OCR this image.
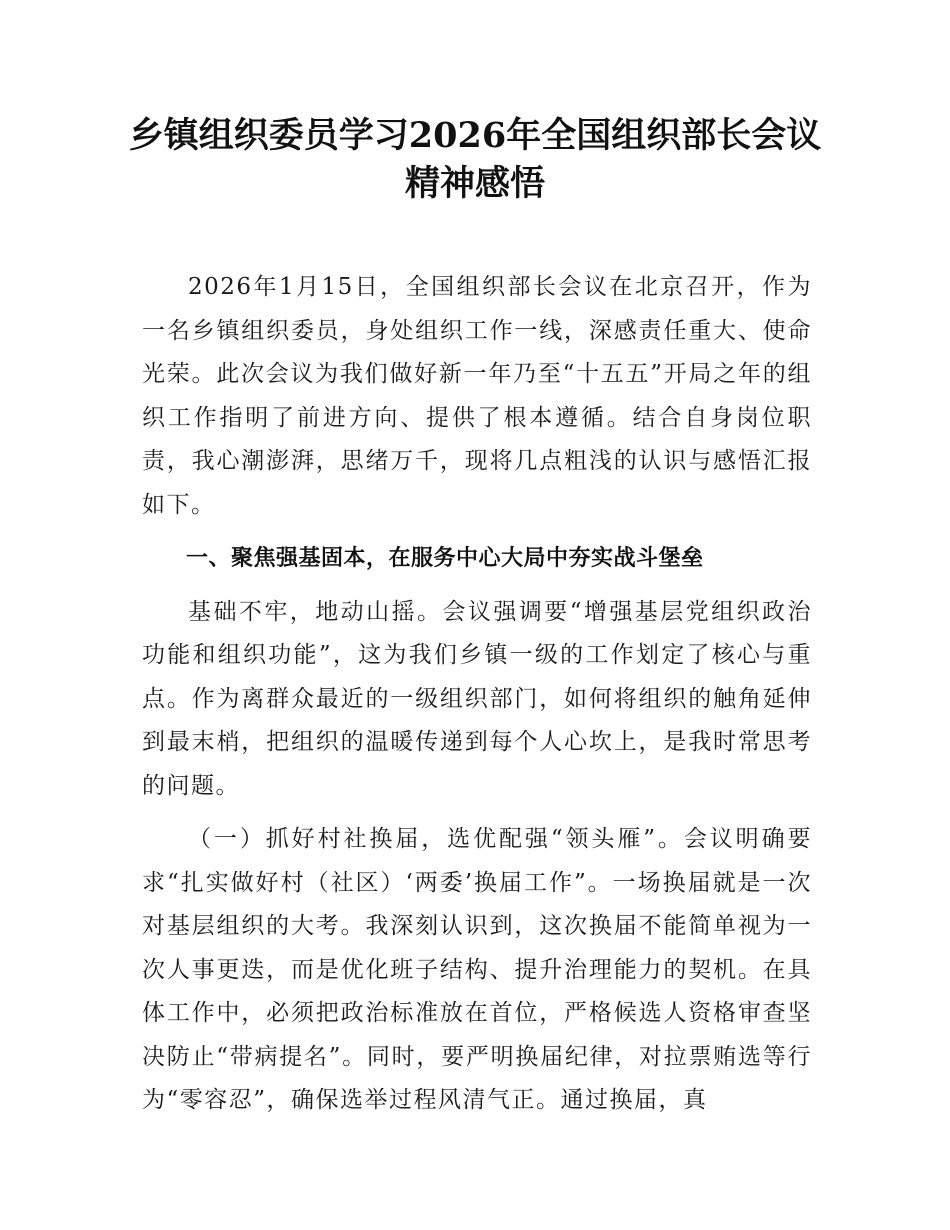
乡镇组织委员学习2026年全国组织部长会议
精神感悟

2026年1月15日，全国组织部长会议在北京召开，作为一名乡镇组织委员，身处组织工作一线，深感责任重大、使命光荣。此次会议为我们做好新一年乃至“十五五”开局之年的组织工作指明了前进方向、提供了根本遵循。结合自身岗位职责，我心潮澎湃，思绪万千，现将几点粗浅的认识与感悟汇报如下。

一、聚焦强基固本，在服务中心大局中夯实战斗堡垒

基础不牢，地动山摇。会议强调要“增强基层党组织政治功能和组织功能”，这为我们乡镇一级的工作划定了核心与重点。作为离群众最近的一级组织部门，如何将组织的触角延伸到最末梢，把组织的温暖传递到每个人心坎上，是我时常思考的问题。

（一）抓好村社换届，选优配强“领头雁”。会议明确要求“扎实做好村（社区）‘两委’换届工作”。一场换届就是一次对基层组织的大考。我深刻认识到，这次换届不能简单视为一次人事更迭，而是优化班子结构、提升治理能力的契机。在具体工作中，必须把政治标准放在首位，严格候选人资格审查坚决防止“带病提名”。同时，要严明换届纪律，对拉票贿选等行为“零容忍”，确保选举过程风清气正。通过换届，真
